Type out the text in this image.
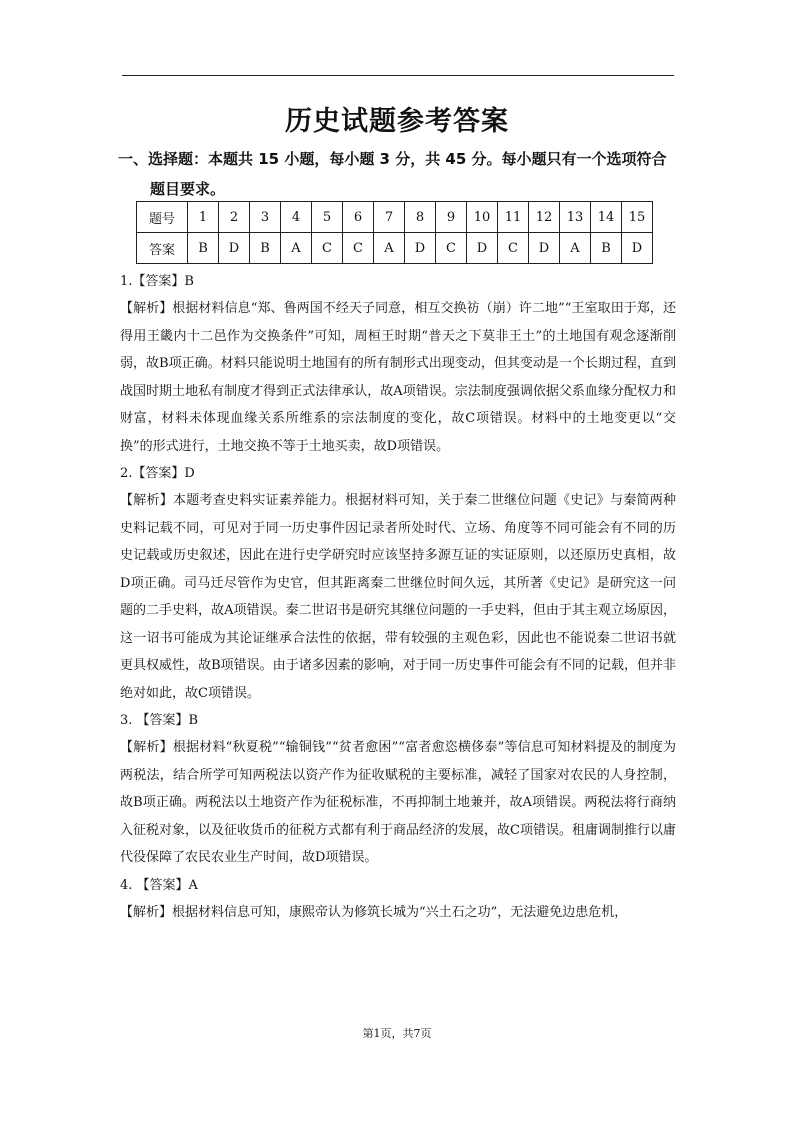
历史试题参考答案
一、选择题：本题共 15 小题，每小题 3 分，共 45 分。每小题只有一个选项符合
题目要求。
题号	1	2	3	4	5	6	7	8	9	10	11	12	13	14	15
答案	B	D	B	A	C	C	A	D	C	D	C	D	A	B	D

1.【答案】B

【解析】根据材料信息“郑、鲁两国不经天子同意，相互交换祊（崩）许二地”“王室取田于郑，还得用王畿内十二邑作为交换条件”可知，周桓王时期“普天之下莫非王土”的土地国有观念逐渐削弱，故B项正确。材料只能说明土地国有的所有制形式出现变动，但其变动是一个长期过程，直到战国时期土地私有制度才得到正式法律承认，故A项错误。宗法制度强调依据父系血缘分配权力和财富，材料未体现血缘关系所维系的宗法制度的变化，故C项错误。材料中的土地变更以“交换”的形式进行，土地交换不等于土地买卖，故D项错误。

2.【答案】D

【解析】本题考查史料实证素养能力。根据材料可知，关于秦二世继位问题《史记》与秦简两种史料记载不同，可见对于同一历史事件因记录者所处时代、立场、角度等不同可能会有不同的历史记载或历史叙述，因此在进行史学研究时应该坚持多源互证的实证原则，以还原历史真相，故D项正确。司马迁尽管作为史官，但其距离秦二世继位时间久远，其所著《史记》是研究这一问题的二手史料，故A项错误。秦二世诏书是研究其继位问题的一手史料，但由于其主观立场原因，这一诏书可能成为其论证继承合法性的依据，带有较强的主观色彩，因此也不能说秦二世诏书就更具权威性，故B项错误。由于诸多因素的影响，对于同一历史事件可能会有不同的记载，但并非绝对如此，故C项错误。

3. 【答案】B

【解析】根据材料“秋夏税”“输铜钱”“贫者愈困”“富者愈恣横侈泰”等信息可知材料提及的制度为两税法，结合所学可知两税法以资产作为征收赋税的主要标准，减轻了国家对农民的人身控制，故B项正确。两税法以土地资产作为征税标准，不再抑制土地兼并，故A项错误。两税法将行商纳入征税对象，以及征收货币的征税方式都有利于商品经济的发展，故C项错误。租庸调制推行以庸代役保障了农民农业生产时间，故D项错误。

4. 【答案】A

【解析】根据材料信息可知，康熙帝认为修筑长城为“兴土石之功”，无法避免边患危机，

第1页，共7页
